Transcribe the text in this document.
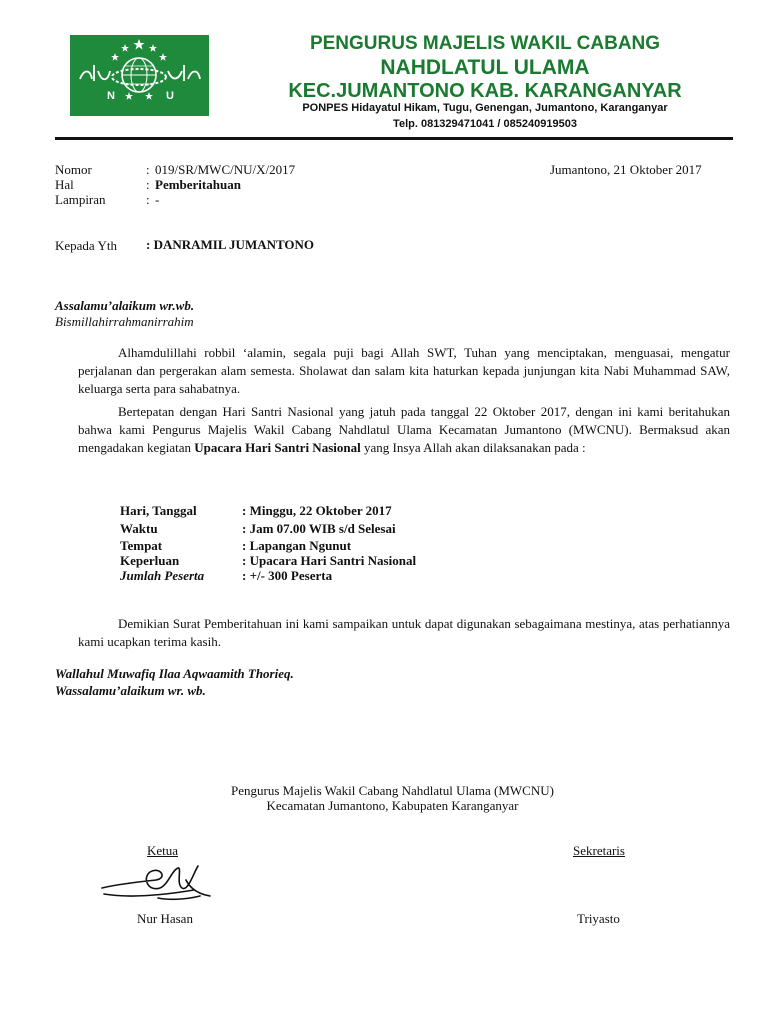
N	U
PENGURUS MAJELIS WAKIL CABANG
NAHDLATUL ULAMA
KEC.JUMANTONO KAB. KARANGANYAR
PONPES Hidayatul Hikam, Tugu, Genengan, Jumantono, Karanganyar
Telp. 081329471041 / 085240919503
Nomor	: 019/SR/MWC/NU/X/2017	Jumantono, 21 Oktober 2017
Hal	: Pemberitahuan
Lampiran	: -
Kepada Yth : DANRAMIL JUMANTONO
Assalamu’alaikum wr.wb.
Bismillahirrahmanirrahim

Alhamdulillahi robbil ‘alamin, segala puji bagi Allah SWT, Tuhan yang menciptakan, menguasai, mengatur perjalanan dan pergerakan alam semesta. Sholawat dan salam kita haturkan kepada junjungan kita Nabi Muhammad SAW, keluarga serta para sahabatnya.

Bertepatan dengan Hari Santri Nasional yang jatuh pada tanggal 22 Oktober 2017, dengan ini kami beritahukan bahwa kami Pengurus Majelis Wakil Cabang Nahdlatul Ulama Kecamatan Jumantono (MWCNU). Bermaksud akan mengadakan kegiatan Upacara Hari Santri Nasional yang Insya Allah akan dilaksanakan pada :

Hari, Tanggal	: Minggu, 22 Oktober 2017
Waktu	: Jam 07.00 WIB s/d Selesai
Tempat	: Lapangan Ngunut
Keperluan	: Upacara Hari Santri Nasional
Jumlah Peserta	: +/- 300 Peserta

Demikian Surat Pemberitahuan ini kami sampaikan untuk dapat digunakan sebagaimana mestinya, atas perhatiannya kami ucapkan terima kasih.

Wallahul Muwafiq Ilaa Aqwaamith Thorieq.
Wassalamu’alaikum wr. wb.
Pengurus Majelis Wakil Cabang Nahdlatul Ulama (MWCNU)
Kecamatan Jumantono, Kabupaten Karanganyar
Ketua	Sekretaris
Nur Hasan	Triyasto
